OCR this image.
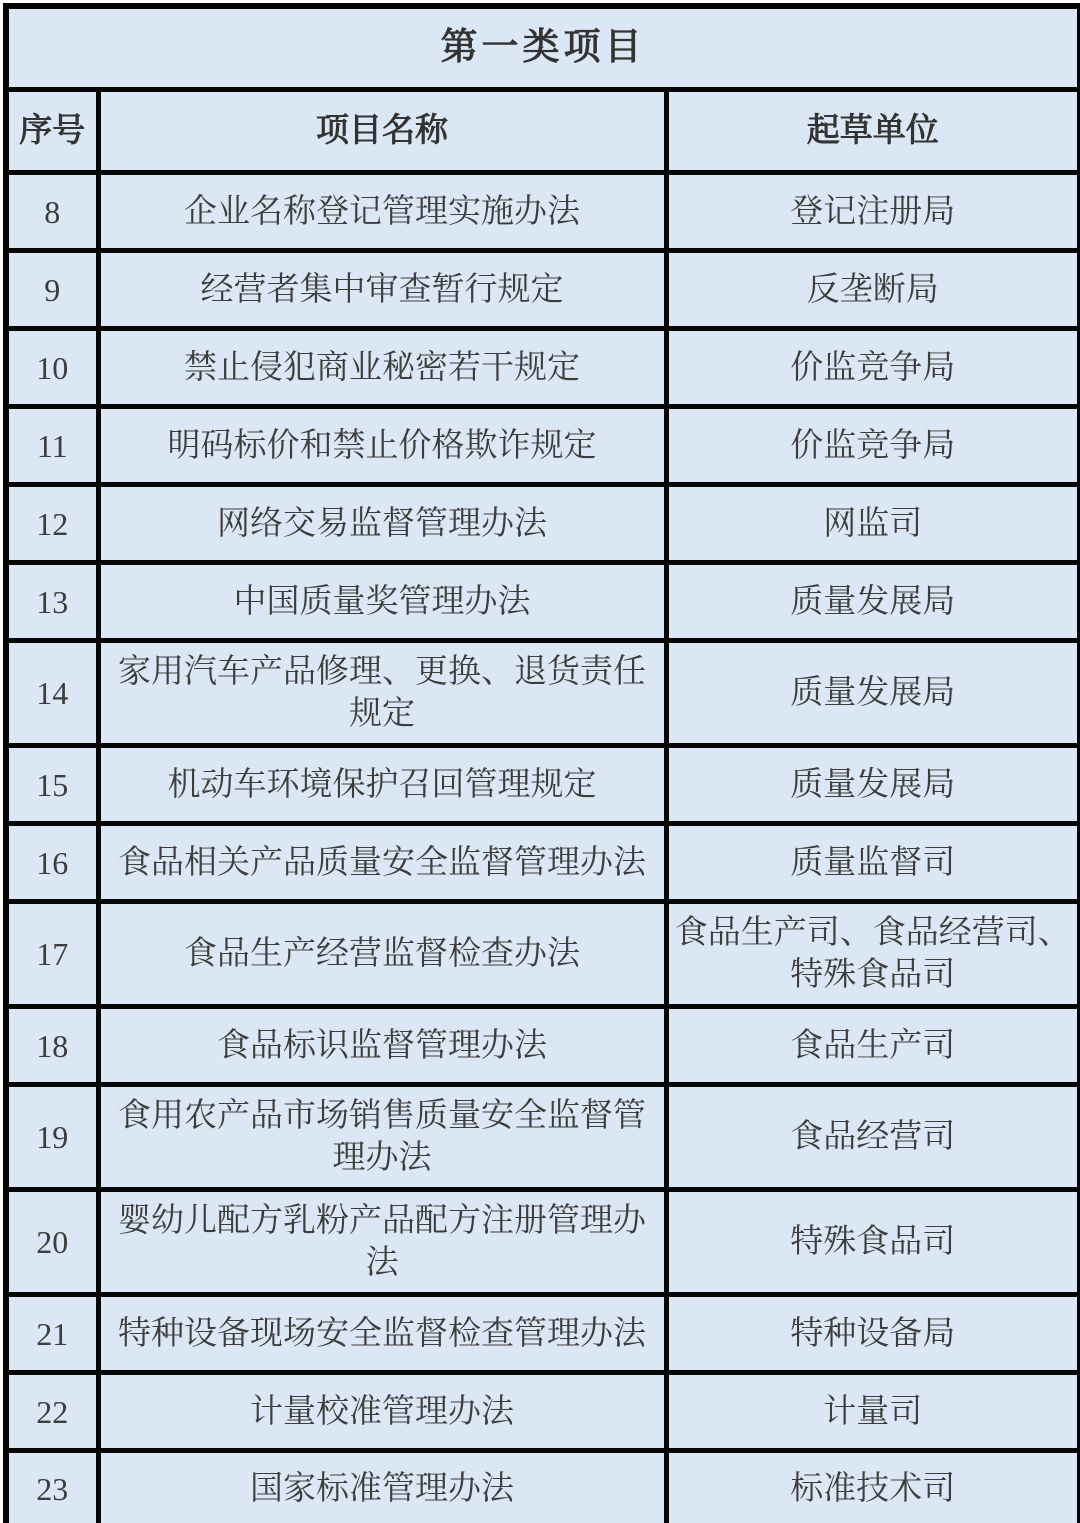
第一类项目		
序号	项目名称	起草单位
8	企业名称登记管理实施办法	登记注册局
9	经营者集中审查暂行规定	反垄断局
10	禁止侵犯商业秘密若干规定	价监竞争局
11	明码标价和禁止价格欺诈规定	价监竞争局
12	网络交易监督管理办法	网监司
13	中国质量奖管理办法	质量发展局
14	家用汽车产品修理、更换、退货责任规定	质量发展局
15	机动车环境保护召回管理规定	质量发展局
16	食品相关产品质量安全监督管理办法	质量监督司
17	食品生产经营监督检查办法	食品生产司、食品经营司、特殊食品司
18	食品标识监督管理办法	食品生产司
19	食用农产品市场销售质量安全监督管理办法	食品经营司
20	婴幼儿配方乳粉产品配方注册管理办法	特殊食品司
21	特种设备现场安全监督检查管理办法	特种设备局
22	计量校准管理办法	计量司
23	国家标准管理办法	标准技术司
